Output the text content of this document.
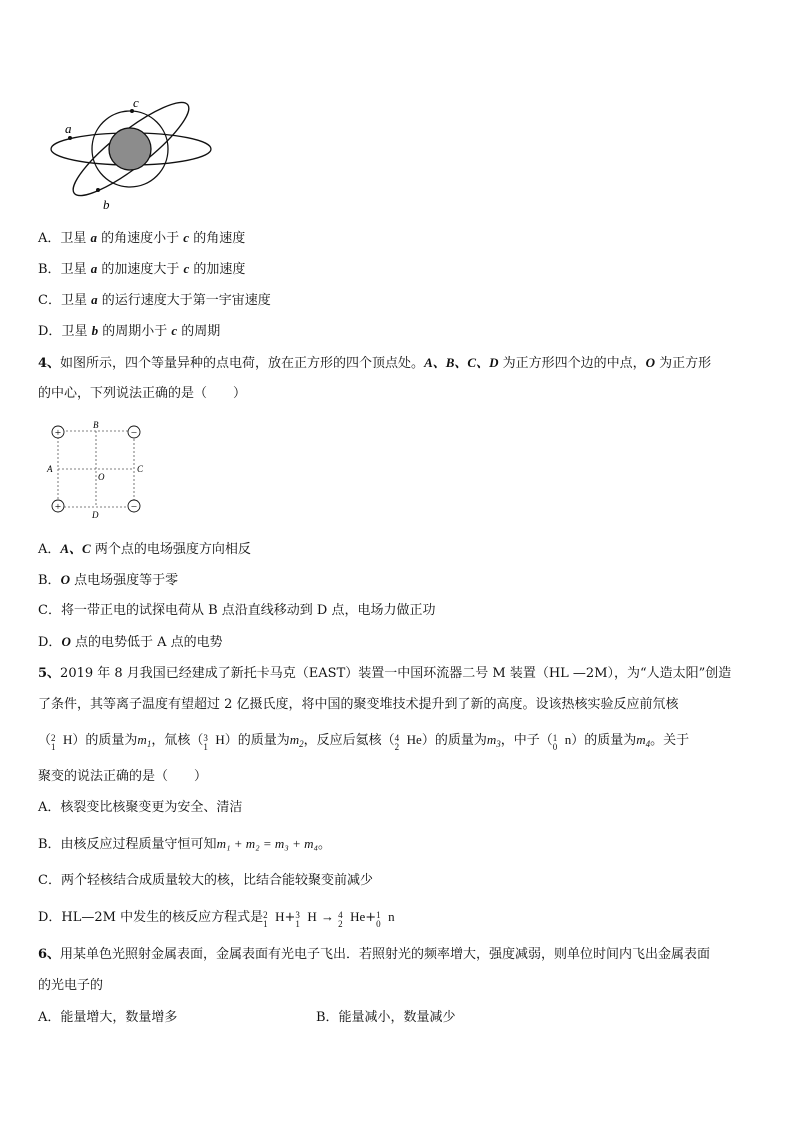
a
b
c
A．卫星 a 的角速度小于 c 的角速度
B．卫星 a 的加速度大于 c 的加速度
C．卫星 a 的运行速度大于第一宇宙速度
D．卫星 b 的周期小于 c 的周期
4、如图所示，四个等量异种的点电荷，放在正方形的四个顶点处。A、B、C、D 为正方形四个边的中点，O 为正方形
的中心，下列说法正确的是（　　）
+	−
+	−
B
D
A	C
O
A．A、C 两个点的电场强度方向相反
B．O 点电场强度等于零
C．将一带正电的试探电荷从 B 点沿直线移动到 D 点，电场力做正功
D．O 点的电势低于 A 点的电势
5、2019 年 8 月我国已经建成了新托卡马克（EAST）装置一中国环流器二号 M 装置（HL —2M），为“人造太阳”创造
了条件，其等离子温度有望超过 2 亿摄氏度，将中国的聚变堆技术提升到了新的高度。设该热核实验反应前氘核
（ 2
1 H）的质量为$m_1$，氚核（ 3
1 H）的质量为$m_2$，反应后氦核（ 4
2 He）的质量为$m_3$，中子（ 1
0 n）的质量为$m_4$。关于
聚变的说法正确的是（　　）
A．核裂变比核聚变更为安全、清洁
B．由核反应过程质量守恒可知m₁ + m₂ = m₃ + m₄。
C．两个轻核结合成质量较大的核，比结合能较聚变前减少
D．HL—2M 中发生的核反应方程式是 2
1 H+ 3
1 H → 4
2 He+ 1
0 n
6、用某单色光照射金属表面，金属表面有光电子飞出．若照射光的频率增大，强度减弱，则单位时间内飞出金属表面
的光电子的
A．能量增大，数量增多	B．能量减小，数量减少
